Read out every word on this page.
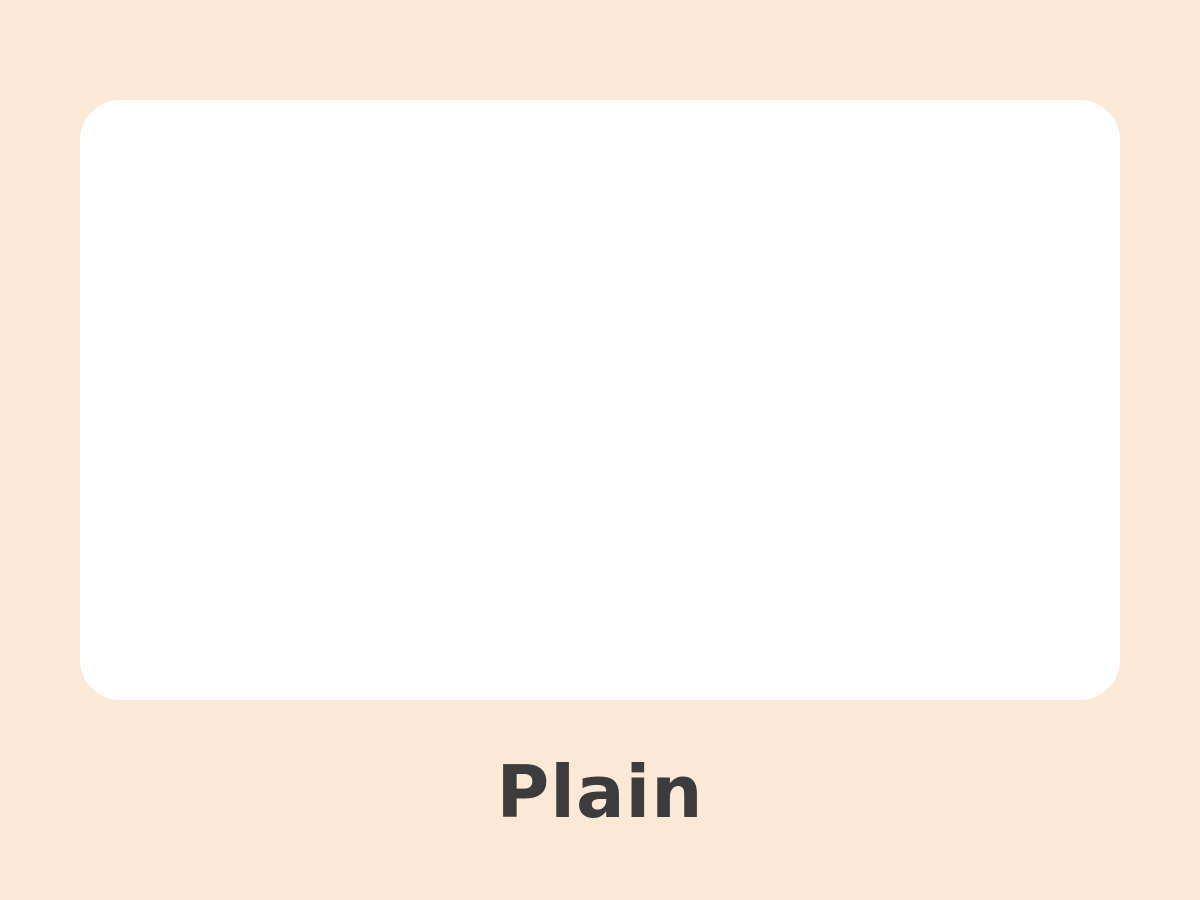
Plain
